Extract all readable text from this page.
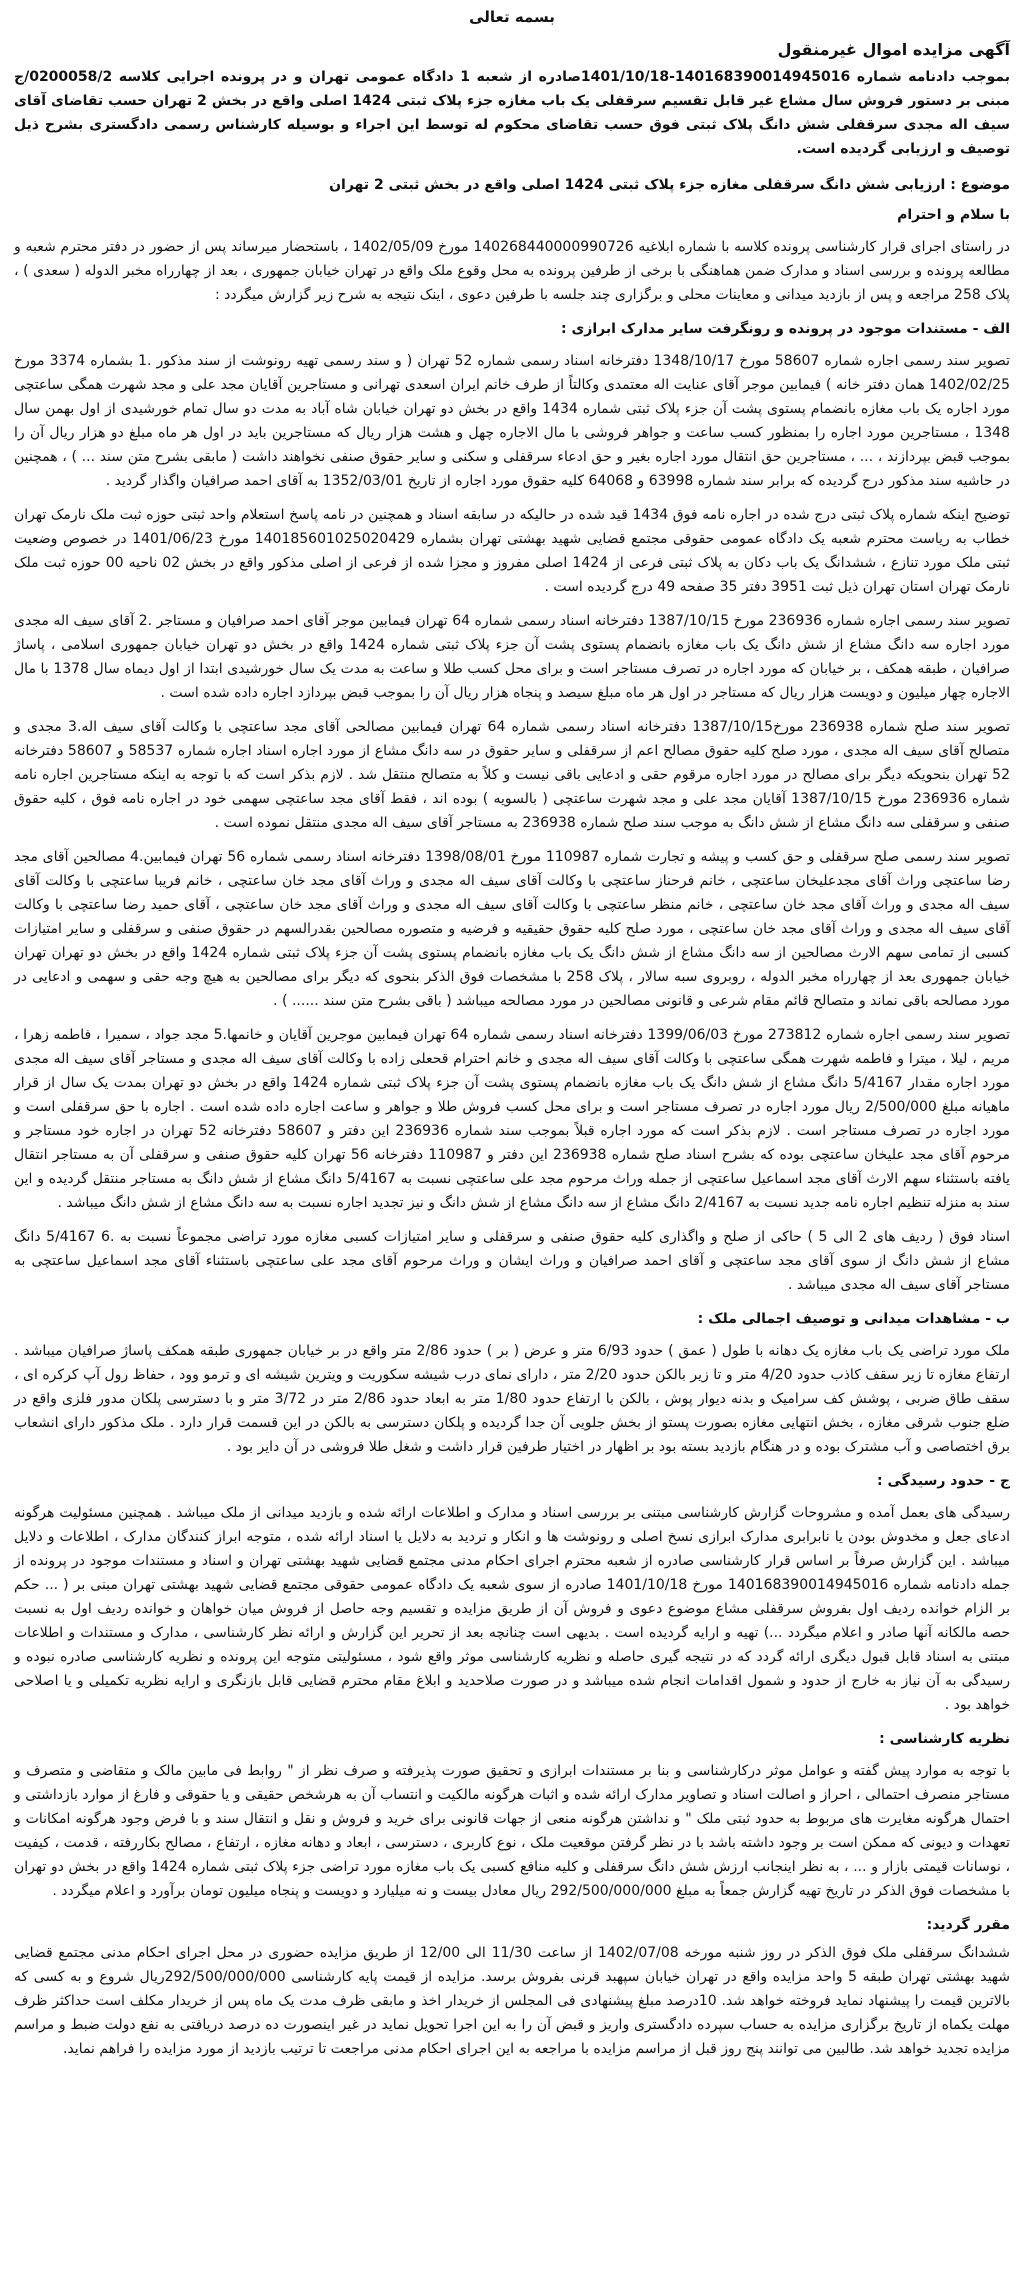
بسمه تعالی
آگهی مزایده اموال غیرمنقول

بموجب دادنامه شماره 140168390014945016-1401/10/18صادره از شعبه 1 دادگاه عمومی تهران و در پرونده اجرایی کلاسه 0200058/2/ج مبنی بر دستور فروش سال مشاع غیر قابل تقسیم سرقفلی یک باب مغازه جزء پلاک ثبتی 1424 اصلی واقع در بخش 2 تهران حسب تقاضای آقای سیف اله مجدی سرقفلی شش دانگ پلاک ثبتی فوق حسب تقاضای محکوم له توسط این اجراء و بوسیله کارشناس رسمی دادگستری بشرح ذیل توصیف و ارزیابی گردیده است.

موضوع : ارزیابی شش دانگ سرقفلی مغازه جزء پلاک ثبتی 1424 اصلی واقع در بخش ثبتی 2 تهران

با سلام و احترام

در راستای اجرای قرار کارشناسی پرونده کلاسه با شماره ابلاغیه 140268440000990726 مورخ 1402/05/09 ، باستحضار میرساند پس از حضور در دفتر محترم شعبه و مطالعه پرونده و بررسی اسناد و مدارک ضمن هماهنگی با برخی از طرفین پرونده به محل وقوع ملک واقع در تهران خیابان جمهوری ، بعد از چهارراه مخبر الدوله ( سعدی ) ، پلاک 258 مراجعه و پس از بازدید میدانی و معاینات محلی و برگزاری چند جلسه با طرفین دعوی ، اینک نتیجه به شرح زیر گزارش میگردد :

الف - مستندات موجود در پرونده و رونگرفت سایر مدارک ابرازی :

تصویر سند رسمی اجاره شماره 58607 مورخ 1348/10/17 دفترخانه اسناد رسمی شماره 52 تهران ( و سند رسمی تهیه رونوشت از سند مذکور .1 بشماره 3374 مورخ 1402/02/25 همان دفتر خانه ) فیمابین موجر آقای عنایت اله معتمدی وکالتاً از طرف خانم ایران اسعدی تهرانی و مستاجرین آقایان مجد علی و مجد شهرت همگی ساعتچی مورد اجاره یک باب مغازه بانضمام پستوی پشت آن جزء پلاک ثبتی شماره 1434 واقع در بخش دو تهران خیابان شاه آباد به مدت دو سال تمام خورشیدی از اول بهمن سال 1348 ، مستاجرین مورد اجاره را بمنظور کسب ساعت و جواهر فروشی با مال الاجاره چهل و هشت هزار ریال که مستاجرین باید در اول هر ماه مبلغ دو هزار ریال آن را بموجب قبض بپردازند ، ... ، مستاجرین حق انتقال مورد اجاره بغیر و حق ادعاء سرقفلی و سکنی و سایر حقوق صنفی نخواهند داشت ( مابقی بشرح متن سند ... ) ، همچنین در حاشیه سند مذکور درج گردیده که برابر سند شماره 63998 و 64068 کلیه حقوق مورد اجاره از تاریخ 1352/03/01 به آقای احمد صرافیان واگذار گردید .

توضیح اینکه شماره پلاک ثبتی درج شده در اجاره نامه فوق 1434 قید شده در حالیکه در سابقه اسناد و همچنین در نامه پاسخ استعلام واحد ثبتی حوزه ثبت ملک نارمک تهران خطاب به ریاست محترم شعبه یک دادگاه عمومی حقوقی مجتمع قضایی شهید بهشتی تهران بشماره 140185601025020429 مورخ 1401/06/23 در خصوص وضعیت ثبتی ملک مورد تنازع ، ششدانگ یک باب دکان به پلاک ثبتی فرعی از 1424 اصلی مفروز و مجزا شده از فرعی از اصلی مذکور واقع در بخش 02 ناحیه 00 حوزه ثبت ملک نارمک تهران استان تهران ذیل ثبت 3951 دفتر 35 صفحه 49 درج گردیده است .

تصویر سند رسمی اجاره شماره 236936 مورخ 1387/10/15 دفترخانه اسناد رسمی شماره 64 تهران فیمابین موجر آقای احمد صرافیان و مستاجر .2 آقای سیف اله مجدی مورد اجاره سه دانگ مشاع از شش دانگ یک باب مغازه بانضمام پستوی پشت آن جزء پلاک ثبتی شماره 1424 واقع در بخش دو تهران خیابان جمهوری اسلامی ، پاساژ صرافیان ، طبقه همکف ، بر خیابان که مورد اجاره در تصرف مستاجر است و برای محل کسب طلا و ساعت به مدت یک سال خورشیدی ابتدا از اول دیماه سال 1378 با مال الاجاره چهار میلیون و دویست هزار ریال که مستاجر در اول هر ماه مبلغ سیصد و پنجاه هزار ریال آن را بموجب قبض بپردازد اجاره داده شده است .

تصویر سند صلح شماره 236938 مورخ1387/10/15 دفترخانه اسناد رسمی شماره 64 تهران فیمابین مصالحی آقای مجد ساعتچی با وکالت آقای سیف اله.3 مجدی و متصالح آقای سیف اله مجدی ، مورد صلح کلیه حقوق مصالح اعم از سرقفلی و سایر حقوق در سه دانگ مشاع از مورد اجاره اسناد اجاره شماره 58537 و 58607 دفترخانه 52 تهران بنحویکه دیگر برای مصالح در مورد اجاره مرقوم حقی و ادعایی باقی نیست و کلاً به متصالح منتقل شد . لازم بذکر است که با توجه به اینکه مستاجرین اجاره نامه شماره 236936 مورخ 1387/10/15 آقایان مجد علی و مجد شهرت ساعتچی ( بالسویه ) بوده اند ، فقط آقای مجد ساعتچی سهمی خود در اجاره نامه فوق ، کلیه حقوق صنفی و سرقفلی سه دانگ مشاع از شش دانگ به موجب سند صلح شماره 236938 به مستاجر آقای سیف اله مجدی منتقل نموده است .

تصویر سند رسمی صلح سرقفلی و حق کسب و پیشه و تجارت شماره 110987 مورخ 1398/08/01 دفترخانه اسناد رسمی شماره 56 تهران فیمابین.4 مصالحین آقای مجد رضا ساعتچی وراث آقای مجدعلیخان ساعتچی ، خانم فرحناز ساعتچی با وکالت آقای سیف اله مجدی و وراث آقای مجد خان ساعتچی ، خانم فریبا ساعتچی با وکالت آقای سیف اله مجدی و وراث آقای مجد خان ساعتچی ، خانم منظر ساعتچی با وکالت آقای سیف اله مجدی و وراث آقای مجد خان ساعتچی ، آقای حمید رضا ساعتچی با وکالت آقای سیف اله مجدی و وراث آقای مجد خان ساعتچی ، مورد صلح کلیه حقوق حقیقیه و فرضیه و متصوره مصالحین بقدرالسهم در حقوق صنفی و سرقفلی و سایر امتیازات کسبی از تمامی سهم الارث مصالحین از سه دانگ مشاع از شش دانگ یک باب مغازه بانضمام پستوی پشت آن جزء پلاک ثبتی شماره 1424 واقع در بخش دو تهران تهران خیابان جمهوری بعد از چهارراه مخبر الدوله ، روبروی سبه سالار ، پلاک 258 با مشخصات فوق الذکر بنحوی که دیگر برای مصالحین به هیچ وجه حقی و سهمی و ادعایی در مورد مصالحه باقی نماند و متصالح قائم مقام شرعی و قانونی مصالحین در مورد مصالحه میباشد ( باقی بشرح متن سند ...... ) .

تصویر سند رسمی اجاره شماره 273812 مورخ 1399/06/03 دفترخانه اسناد رسمی شماره 64 تهران فیمابین موجرین آقایان و خانمها.5 مجد جواد ، سمیرا ، فاطمه زهرا ، مریم ، لیلا ، میترا و فاطمه شهرت همگی ساعتچی با وکالت آقای سیف اله مجدی و خانم احترام قحعلی زاده با وکالت آقای سیف اله مجدی و مستاجر آقای سیف اله مجدی مورد اجاره مقدار 5/4167 دانگ مشاع از شش دانگ یک باب مغازه بانضمام پستوی پشت آن جزء پلاک ثبتی شماره 1424 واقع در بخش دو تهران بمدت یک سال از قرار ماهیانه مبلغ 2/500/000 ریال مورد اجاره در تصرف مستاجر است و برای محل کسب فروش طلا و جواهر و ساعت اجاره داده شده است . اجاره با حق سرقفلی است و مورد اجاره در تصرف مستاجر است . لازم بذکر است که مورد اجاره قبلاً بموجب سند شماره 236936 این دفتر و 58607 دفترخانه 52 تهران در اجاره خود مستاجر و مرحوم آقای مجد علیخان ساعتچی بوده که بشرح اسناد صلح شماره 236938 این دفتر و 110987 دفترخانه 56 تهران کلیه حقوق صنفی و سرقفلی آن به مستاجر انتقال یافته باستثناء سهم الارث آقای مجد اسماعیل ساعتچی از جمله وراث مرحوم مجد علی ساعتچی نسبت به 5/4167 دانگ مشاع از شش دانگ به مستاجر منتقل گردیده و این سند به منزله تنظیم اجاره نامه جدید نسبت به 2/4167 دانگ مشاع از سه دانگ مشاع از شش دانگ و نیز تجدید اجاره نسبت به سه دانگ مشاع از شش دانگ میباشد .

اسناد فوق ( ردیف های 2 الی 5 ) حاکی از صلح و واگذاری کلیه حقوق صنفی و سرقفلی و سایر امتیازات کسبی مغازه مورد تراضی مجموعاً نسبت به .6 5/4167 دانگ مشاع از شش دانگ از سوی آقای مجد ساعتچی و آقای احمد صرافیان و وراث ایشان و وراث مرحوم آقای مجد علی ساعتچی باستثناء آقای مجد اسماعیل ساعتچی به مستاجر آقای سیف اله مجدی میباشد .

ب - مشاهدات میدانی و توصیف اجمالی ملک :

ملک مورد تراضی یک باب مغازه یک دهانه با طول ( عمق ) حدود 6/93 متر و عرض ( بر ) حدود 2/86 متر واقع در بر خیابان جمهوری طبقه همکف پاساژ صرافیان میباشد . ارتفاع مغازه تا زیر سقف کاذب حدود 4/20 متر و تا زیر بالکن حدود 2/20 متر ، دارای نمای درب شیشه سکوریت و ویترین شیشه ای و ترمو وود ، حفاظ رول آپ کرکره ای ، سقف طاق ضربی ، پوشش کف سرامیک و بدنه دیوار پوش ، بالکن با ارتفاع حدود 1/80 متر به ابعاد حدود 2/86 متر در 3/72 متر و با دسترسی پلکان مدور فلزی واقع در ضلع جنوب شرقی مغازه ، بخش انتهایی مغازه بصورت پستو از بخش جلویی آن جدا گردیده و پلکان دسترسی به بالکن در این قسمت قرار دارد . ملک مذکور دارای انشعاب برق اختصاصی و آب مشترک بوده و در هنگام بازدید بسته بود بر اظهار در اختیار طرفین قرار داشت و شغل طلا فروشی در آن دایر بود .

ج - حدود رسیدگی :

رسیدگی های بعمل آمده و مشروحات گزارش کارشناسی مبتنی بر بررسی اسناد و مدارک و اطلاعات ارائه شده و بازدید میدانی از ملک میباشد . همچنین مسئولیت هرگونه ادعای جعل و مخدوش بودن یا نابرابری مدارک ابرازی نسخ اصلی و رونوشت ها و انکار و تردید به دلایل یا اسناد ارائه شده ، متوجه ابراز کنندگان مدارک ، اطلاعات و دلایل میباشد . این گزارش صرفاً بر اساس قرار کارشناسی صادره از شعبه محترم اجرای احکام مدنی مجتمع قضایی شهید بهشتی تهران و اسناد و مستندات موجود در پرونده از جمله دادنامه شماره 140168390014945016 مورخ 1401/10/18 صادره از سوی شعبه یک دادگاه عمومی حقوقی مجتمع قضایی شهید بهشتی تهران مبنی بر ( ... حکم بر الزام خوانده ردیف اول بفروش سرقفلی مشاع موضوع دعوی و فروش آن از طریق مزایده و تقسیم وجه حاصل از فروش میان خواهان و خوانده ردیف اول به نسبت حصه مالکانه آنها صادر و اعلام میگردد ...) تهیه و ارایه گردیده است . بدیهی است چنانچه بعد از تحریر این گزارش و ارائه نظر کارشناسی ، مدارک و مستندات و اطلاعات مبتنی به اسناد قابل قبول دیگری ارائه گردد که در نتیجه گیری حاصله و نظریه کارشناسی موثر واقع شود ، مسئولیتی متوجه این پرونده و نظریه کارشناسی صادره نبوده و رسیدگی به آن نیاز به خارج از حدود و شمول اقدامات انجام شده میباشد و در صورت صلاحدید و ابلاغ مقام محترم قضایی قابل بازنگری و ارایه نظریه تکمیلی و یا اصلاحی خواهد بود .

نظریه کارشناسی :

با توجه به موارد پیش گفته و عوامل موثر درکارشناسی و بنا بر مستندات ابرازی و تحقیق صورت پذیرفته و صرف نظر از " روابط فی مابین مالک و متقاضی و متصرف و مستاجر منصرف احتمالی ، احراز و اصالت اسناد و تصاویر مدارک ارائه شده و اثبات هرگونه مالکیت و انتساب آن به هرشخص حقیقی و یا حقوقی و فارغ از موارد بازداشتی و احتمال هرگونه مغایرت های مربوط به حدود ثبتی ملک " و نداشتن هرگونه منعی از جهات قانونی برای خرید و فروش و نقل و انتقال سند و با فرض وجود هرگونه امکانات و تعهدات و دیونی که ممکن است بر وجود داشته باشد با در نظر گرفتن موقعیت ملک ، نوع کاربری ، دسترسی ، ابعاد و دهانه مغازه ، ارتفاع ، مصالح بکاررفته ، قدمت ، کیفیت ، نوسانات قیمتی بازار و ... ، به نظر اینجانب ارزش شش دانگ سرقفلی و کلیه منافع کسبی یک باب مغازه مورد تراضی جزء پلاک ثبتی شماره 1424 واقع در بخش دو تهران با مشخصات فوق الذکر در تاریخ تهیه گزارش جمعاً به مبلغ 292/500/000/000 ریال معادل بیست و نه میلیارد و دویست و پنجاه میلیون تومان برآورد و اعلام میگردد .

مقرر گردید:

ششدانگ سرقفلی ملک فوق الذکر در روز شنبه مورخه 1402/07/08 از ساعت 11/30 الی 12/00 از طریق مزایده حضوری در محل اجرای احکام مدنی مجتمع قضایی شهید بهشتی تهران طبقه 5 واحد مزایده واقع در تهران خیابان سپهبد قرنی بفروش برسد. مزایده از قیمت پایه کارشناسی 292/500/000/000ریال شروع و به کسی که بالاترین قیمت را پیشنهاد نماید فروخته خواهد شد. 10درصد مبلغ پیشنهادی فی المجلس از خریدار اخذ و مابقی ظرف مدت یک ماه پس از خریدار مکلف است حداکثر ظرف مهلت یکماه از تاریخ برگزاری مزایده به حساب سپرده دادگستری واریز و قبض آن را به این اجرا تحویل نماید در غیر اینصورت ده درصد دریافتی به نفع دولت ضبط و مراسم مزایده تجدید خواهد شد. طالبین می توانند پنج روز قبل از مراسم مزایده با مراجعه به این اجرای احکام مدنی مراجعت تا ترتیب بازدید از مورد مزایده را فراهم نماید.
